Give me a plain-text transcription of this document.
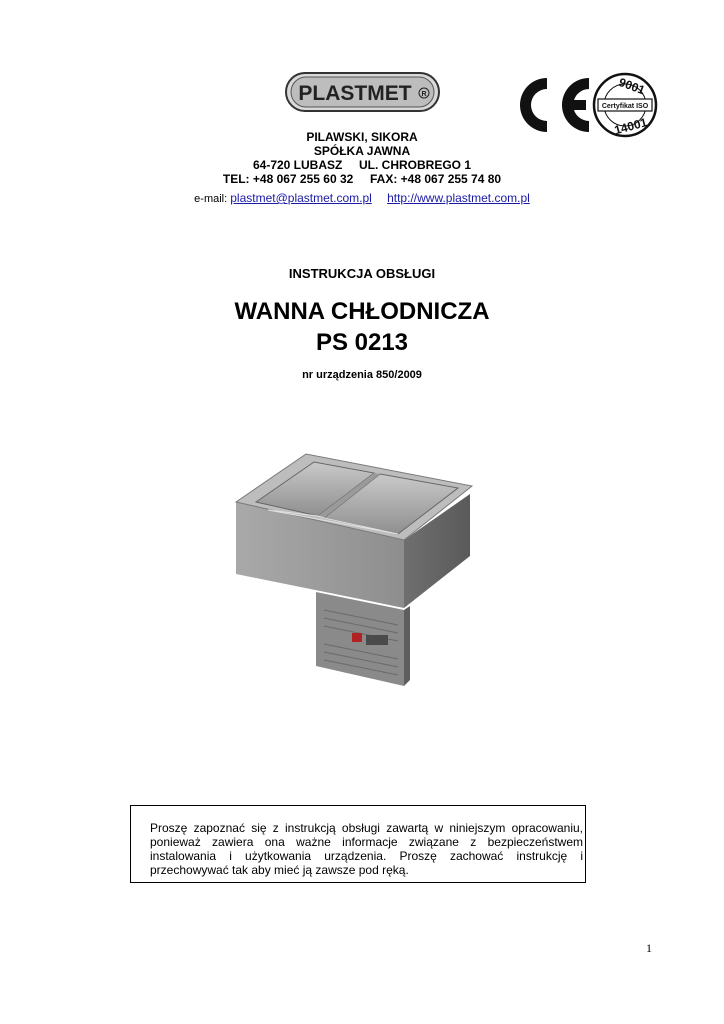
PLASTMET R	9001
Certyfikat ISO
14001
PILAWSKI, SIKORA
SPÓŁKA JAWNA
64-720 LUBASZ     UL. CHROBREGO 1
TEL: +48 067 255 60 32     FAX: +48 067 255 74 80
e-mail: plastmet@plastmet.com.pl http://www.plastmet.com.pl
INSTRUKCJA OBSŁUGI
WANNA CHŁODNICZA
PS 0213
nr urządzenia 850/2009
Proszę zapoznać się z instrukcją obsługi zawartą w niniejszym opracowaniu, ponieważ zawiera ona ważne informacje związane z bezpieczeństwem instalowania i użytkowania urządzenia. Proszę zachować instrukcję i przechowywać tak aby mieć ją zawsze pod ręką.
1
